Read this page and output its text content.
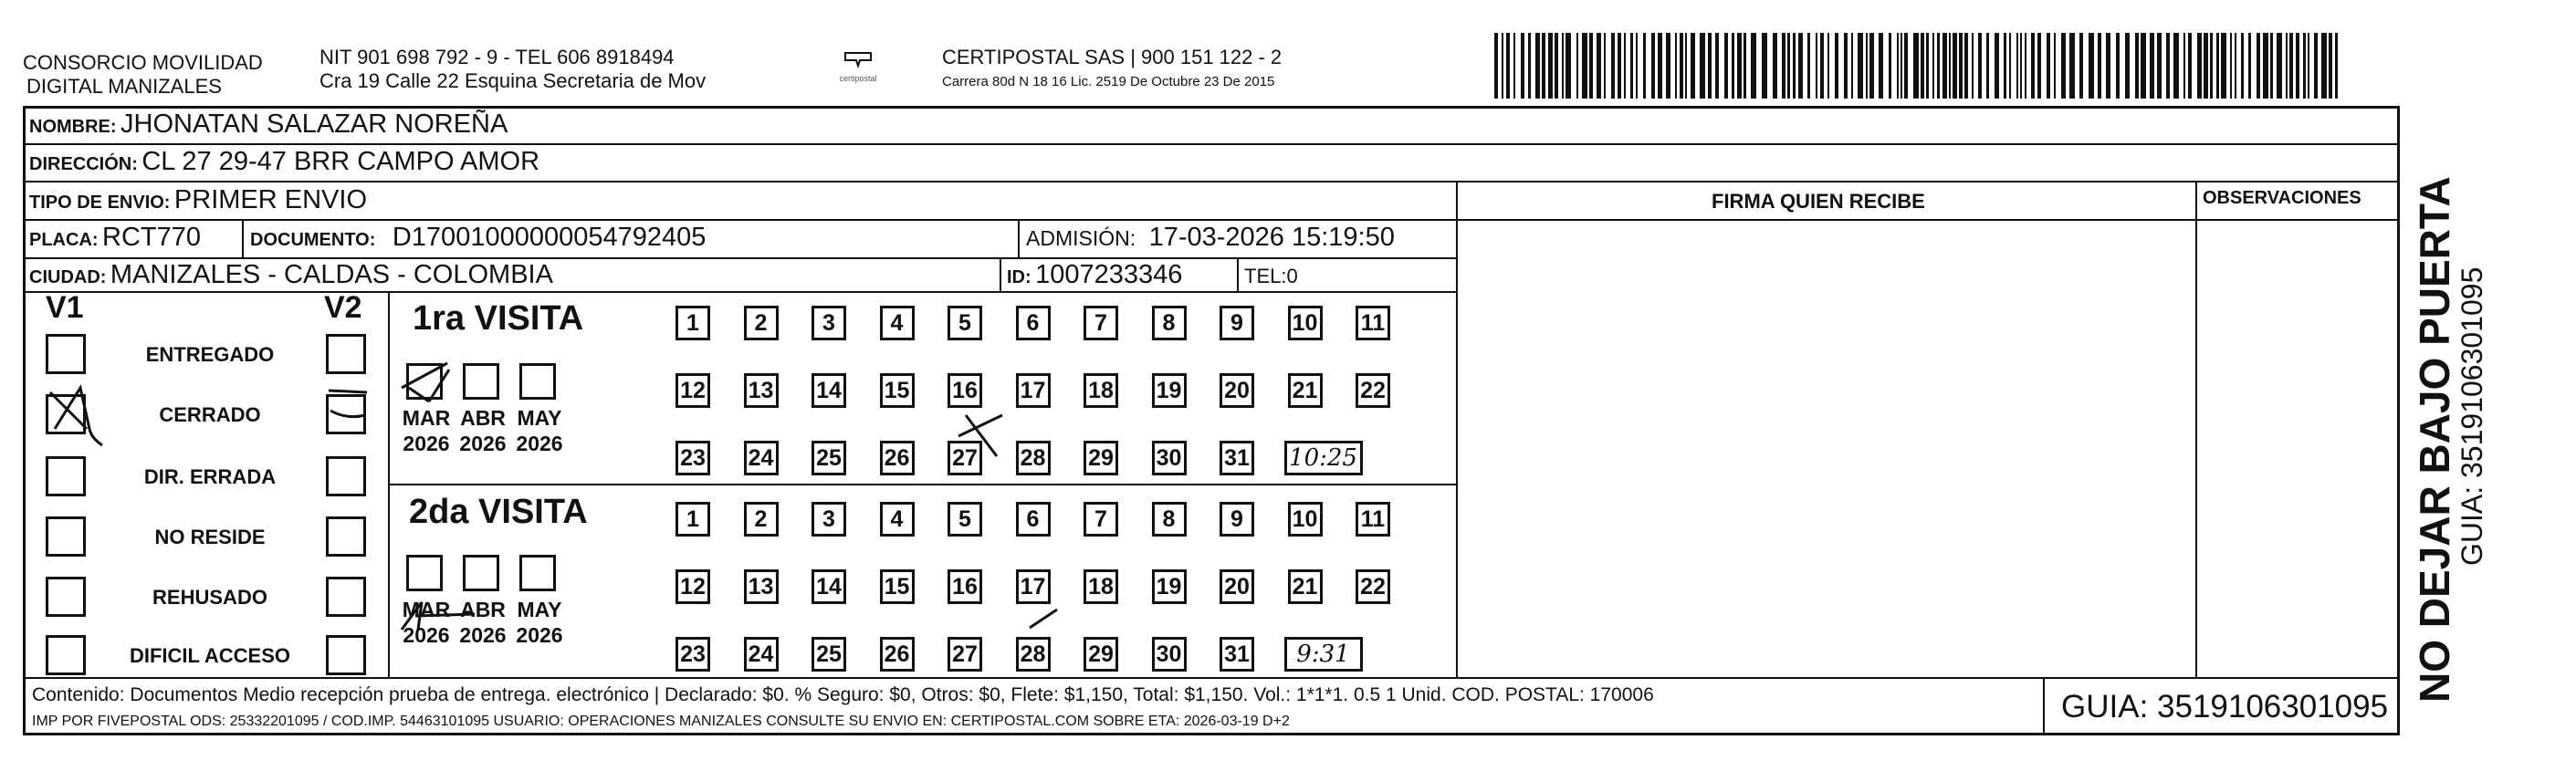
CONSORCIO MOVILIDAD
DIGITAL MANIZALES
NIT 901 698 792 - 9 - TEL 606 8918494
Cra 19 Calle 22 Esquina Secretaria de Mov	certipostal
CERTIPOSTAL SAS | 900 151 122 - 2
Carrera 80d N 18 16 Lic. 2519 De Octubre 23 De 2015
NOMBRE: JHONATAN SALAZAR NOREÑA
DIRECCIÓN: CL 27 29-47 BRR CAMPO AMOR
TIPO DE ENVIO: PRIMER ENVIO	FIRMA QUIEN RECIBE	OBSERVACIONES
PLACA: RCT770	DOCUMENTO: D17001000000054792405	ADMISIÓN: 17-03-2026 15:19:50
CIUDAD: MANIZALES - CALDAS - COLOMBIA	ID: 1007233346	TEL:0
V1	V2
ENTREGADO
CERRADO
DIR. ERRADA
NO RESIDE
REHUSADO
DIFICIL ACCESO
1ra VISITA
2da VISITA
MAR
2026
ABR
2026
MAY
2026
MAR
2026
ABR
2026
MAY
2026
1	2	3	4	5	6	7	8	9	10 11
12 13 14 15 16 17 18 19 20 21 22
23 24 25 26 27 28 29 30 31 10:25
1	2	3	4	5	6	7	8	9	10 11
12 13 14 15 16 17 18 19 20 21 22
23 24 25 26 27 28 29 30 31	9:31
Contenido: Documentos Medio recepción prueba de entrega. electrónico | Declarado: $0. % Seguro: $0, Otros: $0, Flete: $1,150, Total: $1,150. Vol.: 1*1*1. 0.5 1 Unid. COD. POSTAL: 170006
IMP POR FIVEPOSTAL ODS: 25332201095 / COD.IMP. 54463101095 USUARIO: OPERACIONES MANIZALES CONSULTE SU ENVIO EN: CERTIPOSTAL.COM SOBRE ETA: 2026-03-19 D+2	GUIA: 3519106301095
NO DEJAR BAJO PUERTA
GUIA: 3519106301095
